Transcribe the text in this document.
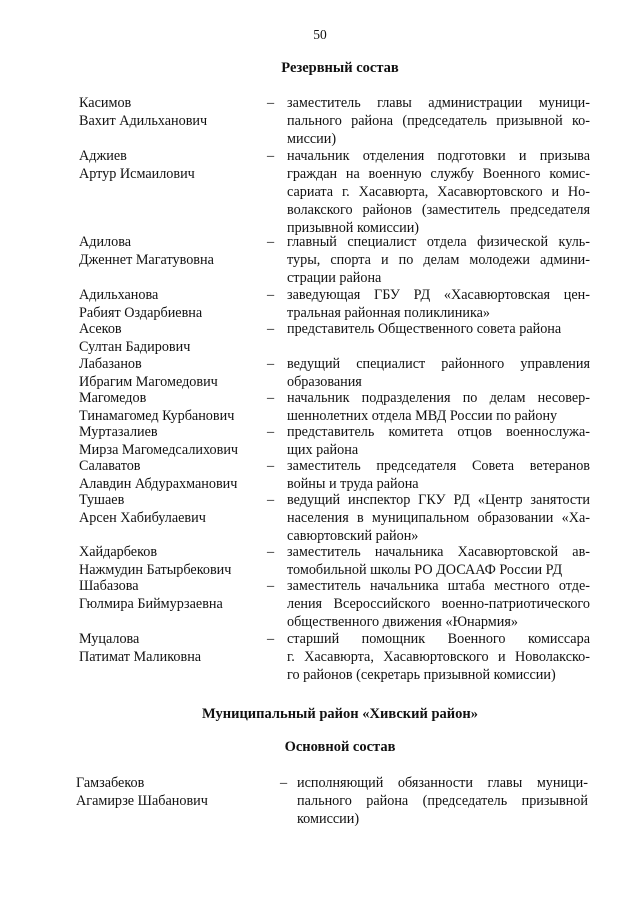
50
Резервный состав
Касимов
Вахит Адильханович
– заместитель главы администрации муници-
пального района (председатель призывной ко-
миссии)
Аджиев
Артур Исмаилович
– начальник отделения подготовки и призыва
граждан на военную службу Военного комис-
сариата г. Хасавюрта, Хасавюртовского и Но-
волакского районов (заместитель председателя
призывной комиссии)
Адилова
Дженнет Магатувовна
– главный специалист отдела физической куль-
туры, спорта и по делам молодежи админи-
страции района
Адильханова
Рабият Оздарбиевна
– заведующая ГБУ РД «Хасавюртовская цен-
тральная районная поликлиника»
Асеков
Султан Бадирович
– представитель Общественного совета района
Лабазанов
Ибрагим Магомедович
– ведущий специалист районного управления
образования
Магомедов
Тинамагомед Курбанович
– начальник подразделения по делам несовер-
шеннолетних отдела МВД России по району
Муртазалиев
Мирза Магомедсалихович
– представитель комитета отцов военнослужа-
щих района
Салаватов
Алавдин Абдурахманович
– заместитель председателя Совета ветеранов
войны и труда района
Тушаев
Арсен Хабибулаевич
– ведущий инспектор ГКУ РД «Центр занятости
населения в муниципальном образовании «Ха-
савюртовский район»
Хайдарбеков
Нажмудин Батырбекович
– заместитель начальника Хасавюртовской ав-
томобильной школы РО ДОСААФ России РД
Шабазова
Гюлмира Биймурзаевна
– заместитель начальника штаба местного отде-
ления Всероссийского военно-патриотического
общественного движения «Юнармия»
Муцалова
Патимат Маликовна
– старший помощник Военного комиссара
г. Хасавюрта, Хасавюртовского и Новолакско-
го районов (секретарь призывной комиссии)
Муниципальный район «Хивский район»
Основной состав
Гамзабеков
Агамирзе Шабанович
– исполняющий обязанности главы муници-
пального района (председатель призывной
комиссии)
